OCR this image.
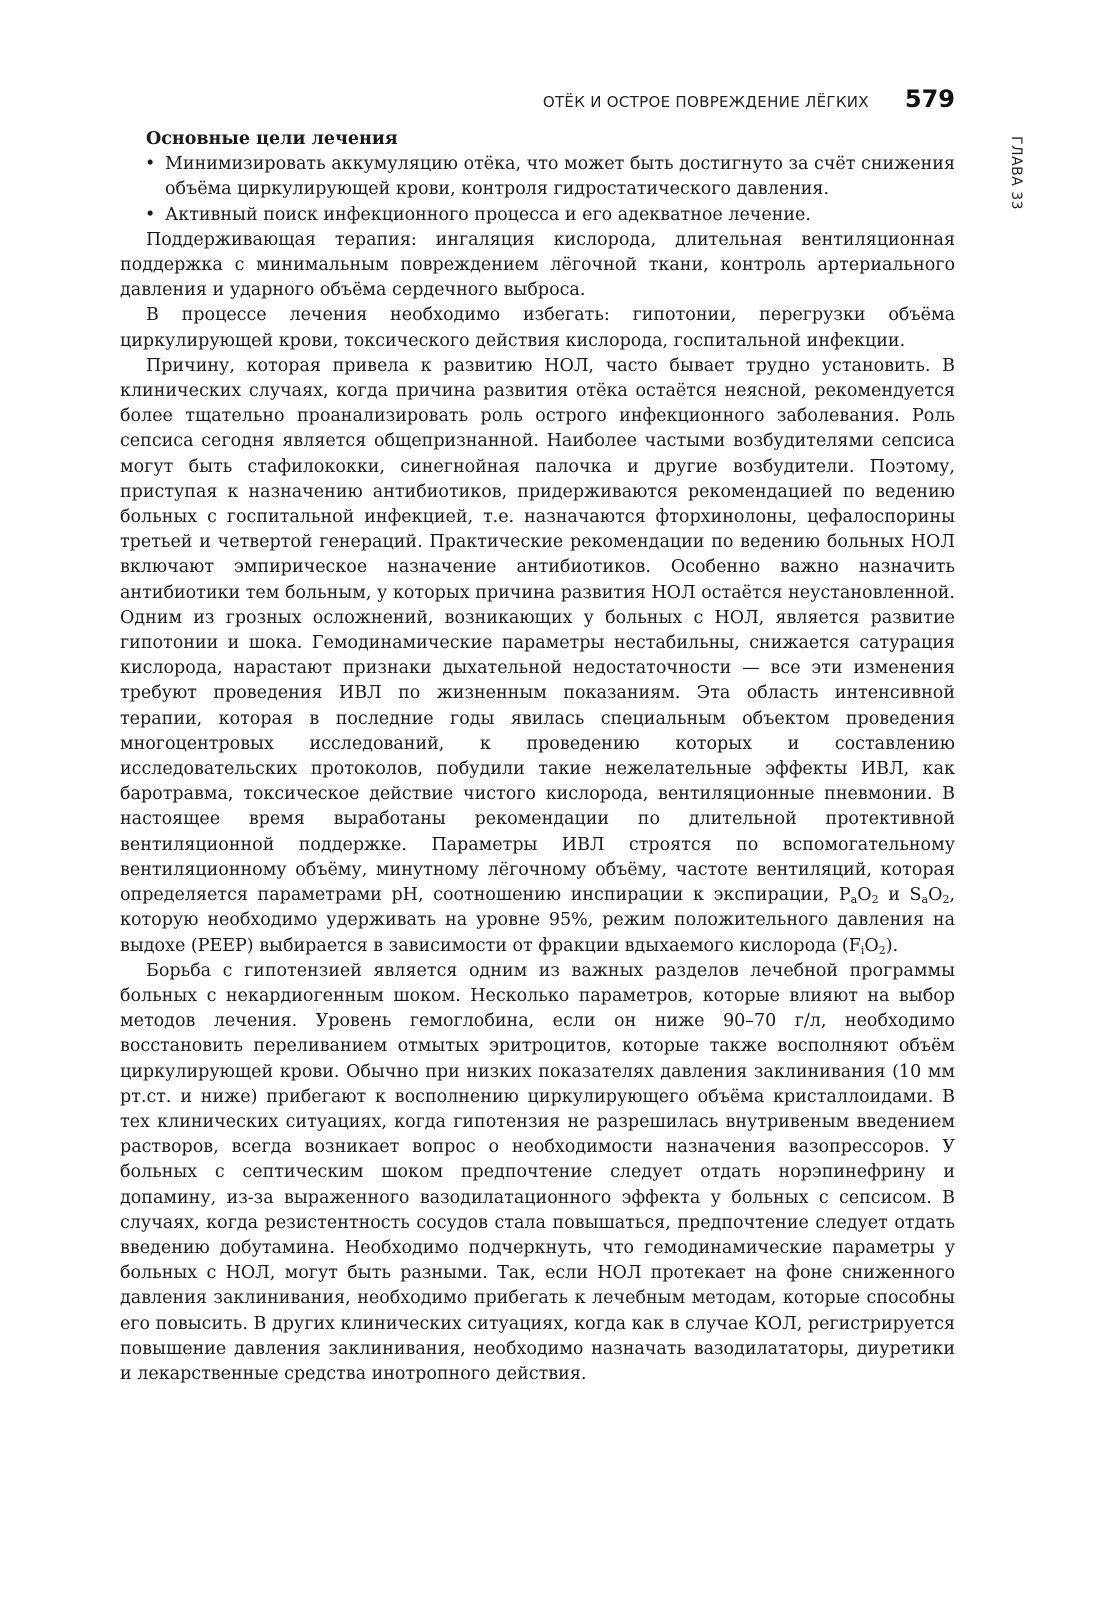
ОТЁК И ОСТРОЕ ПОВРЕЖДЕНИЕ ЛЁГКИХ 579
ГЛАВА 33
Основные цели лечения
• Минимизировать аккумуляцию отёка, что может быть достигнуто за счёт снижения объёма циркулирующей крови, контроля гидростатического давления.
• Активный поиск инфекционного процесса и его адекватное лечение.

Поддерживающая терапия: ингаляция кислорода, длительная вентиляционная поддержка с минимальным повреждением лёгочной ткани, контроль артериального давления и ударного объёма сердечного выброса.

В процессе лечения необходимо избегать: гипотонии, перегрузки объёма циркулирующей крови, токсического действия кислорода, госпитальной инфекции.

Причину, которая привела к развитию НОЛ, часто бывает трудно установить. В клинических случаях, когда причина развития отёка остаётся неясной, рекомендуется более тщательно проанализировать роль острого инфекционного заболевания. Роль сепсиса сегодня является общепризнанной. Наиболее частыми возбудителями сепсиса могут быть стафилококки, синегнойная палочка и другие возбудители. Поэтому, приступая к назначению антибиотиков, придерживаются рекомендацией по ведению больных с госпитальной инфекцией, т.е. назначаются фторхинолоны, цефалоспорины третьей и четвертой генераций. Практические рекомендации по ведению больных НОЛ включают эмпирическое назначение антибиотиков. Особенно важно назначить антибиотики тем больным, у которых причина развития НОЛ остаётся неустановленной. Одним из грозных осложнений, возникающих у больных с НОЛ, является развитие гипотонии и шока. Гемодинамические параметры нестабильны, снижается сатурация кислорода, нарастают признаки дыхательной недостаточности — все эти изменения требуют проведения ИВЛ по жизненным показаниям. Эта область интенсивной терапии, которая в последние годы явилась специальным объектом проведения многоцентровых исследований, к проведению которых и составлению исследовательских протоколов, побудили такие нежелательные эффекты ИВЛ, как баротравма, токсическое действие чистого кислорода, вентиляционные пневмонии. В настоящее время выработаны рекомендации по длительной протективной вентиляционной поддержке. Параметры ИВЛ строятся по вспомогательному вентиляционному объёму, минутному лёгочному объёму, частоте вентиляций, которая определяется параметрами pH, соотношению инспирации к экспирации, $P_aO_2$ и $S_aO_2$, которую необходимо удерживать на уровне 95%, режим положительного давления на выдохе (PEEP) выбирается в зависимости от фракции вдыхаемого кислорода $(F_iO_2)$.

Борьба с гипотензией является одним из важных разделов лечебной программы больных с некардиогенным шоком. Несколько параметров, которые влияют на выбор методов лечения. Уровень гемоглобина, если он ниже 90–70 г/л, необходимо восстановить переливанием отмытых эритроцитов, которые также восполняют объём циркулирующей крови. Обычно при низких показателях давления заклинивания (10 мм рт.ст. и ниже) прибегают к восполнению циркулирующего объёма кристаллоидами. В тех клинических ситуациях, когда гипотензия не разрешилась внутривеным введением растворов, всегда возникает вопрос о необходимости назначения вазопрессоров. У больных с септическим шоком предпочтение следует отдать норэпинефрину и допамину, из-за выраженного вазодилатационного эффекта у больных с сепсисом. В случаях, когда резистентность сосудов стала повышаться, предпочтение следует отдать введению добутамина. Необходимо подчеркнуть, что гемодинамические параметры у больных с НОЛ, могут быть разными. Так, если НОЛ протекает на фоне сниженного давления заклинивания, необходимо прибегать к лечебным методам, которые способны его повысить. В других клинических ситуациях, когда как в случае КОЛ, регистрируется повышение давления заклинивания, необходимо назначать вазодилататоры, диуретики и лекарственные средства инотропного действия.
